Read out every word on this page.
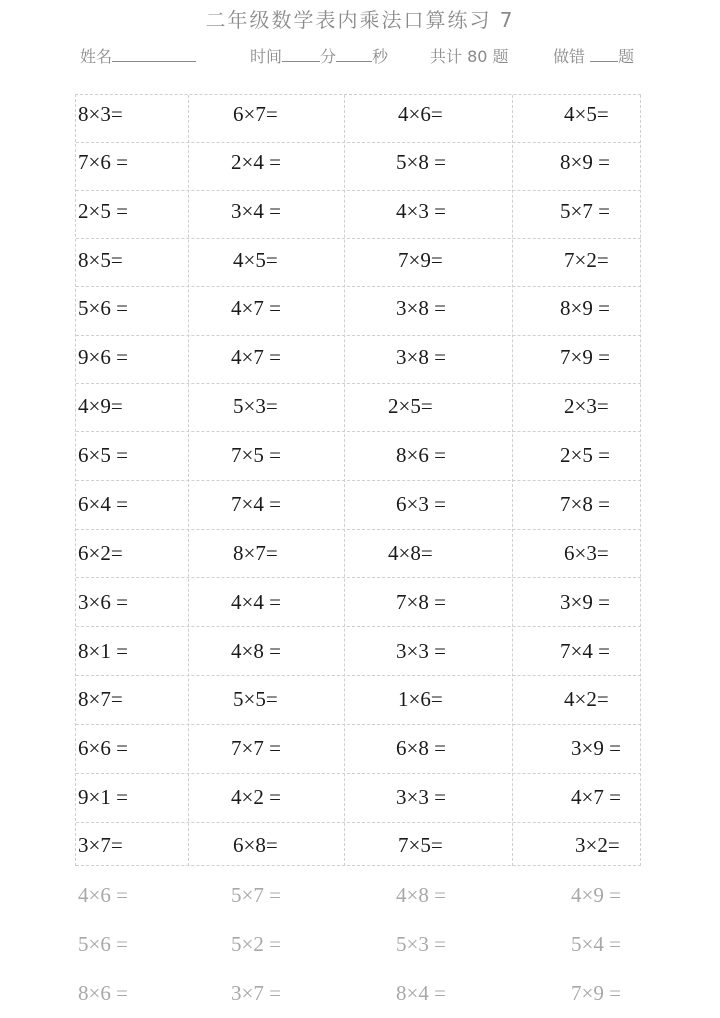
二年级数学表内乘法口算练习 7
姓名	时间 分 秒	共计 80 题	做错 题
8×3=	6×7=	4×6=	4×5=
7×6 =	2×4 =	5×8 =	8×9 =
2×5 =	3×4 =	4×3 =	5×7 =
8×5=	4×5=	7×9=	7×2=
5×6 =	4×7 =	3×8 =	8×9 =
9×6 =	4×7 =	3×8 =	7×9 =
4×9=	5×3=	2×5=	2×3=
6×5 =	7×5 =	8×6 =	2×5 =
6×4 =	7×4 =	6×3 =	7×8 =
6×2=	8×7=	4×8=	6×3=
3×6 =	4×4 =	7×8 =	3×9 =
8×1 =	4×8 =	3×3 =	7×4 =
8×7=	5×5=	1×6=	4×2=
6×6 =	7×7 =	6×8 =	3×9 =
9×1 =	4×2 =	3×3 =	4×7 =
3×7=	6×8=	7×5=	3×2=
4×6 =	5×7 =	4×8 =	4×9 =
5×6 =	5×2 =	5×3 =	5×4 =
8×6 =	3×7 =	8×4 =	7×9 =
